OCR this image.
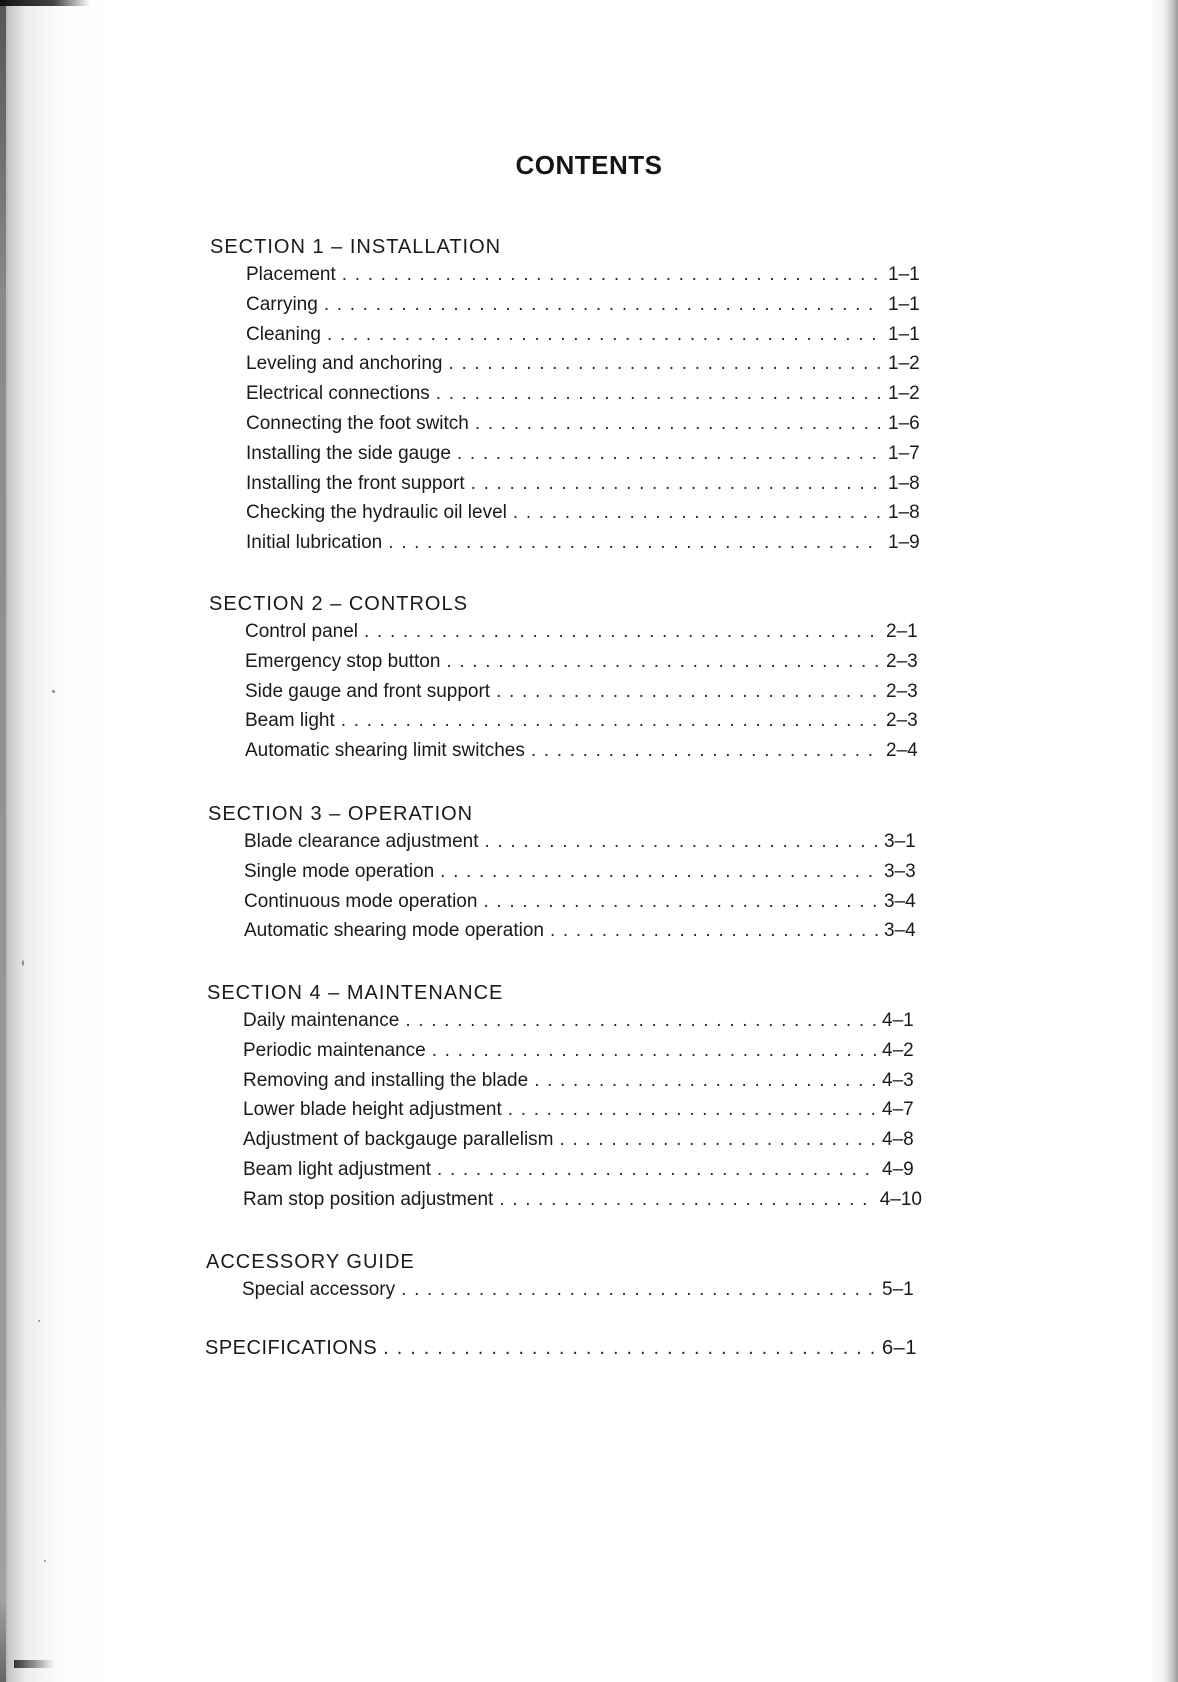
CONTENTS
SECTION 1 – INSTALLATION
Placement . . .	1–1
Carrying . . .	1–1
Cleaning . . .	1–1
Leveling and anchoring . . .	1–2
Electrical connections . . .	1–2
Connecting the foot switch . . .	1–6
Installing the side gauge . . .	1–7
Installing the front support . . .	1–8
Checking the hydraulic oil level . . .	1–8
Initial lubrication . . .	1–9
SECTION 2 – CONTROLS
Control panel . . .	2–1
Emergency stop button . . .	2–3
Side gauge and front support . . .	2–3
Beam light . . .	2–3
Automatic shearing limit switches . . .	2–4
SECTION 3 – OPERATION
Blade clearance adjustment . . .	3–1
Single mode operation . . .	3–3
Continuous mode operation . . .	3–4
Automatic shearing mode operation . . .	3–4
SECTION 4 – MAINTENANCE
Daily maintenance . . .	4–1
Periodic maintenance . . .	4–2
Removing and installing the blade . . .	4–3
Lower blade height adjustment . . .	4–7
Adjustment of backgauge parallelism . . .	4–8
Beam light adjustment . . .	4–9
Ram stop position adjustment . . .	4–10
ACCESSORY GUIDE
Special accessory . . .	5–1
SPECIFICATIONS . . .	6–1
